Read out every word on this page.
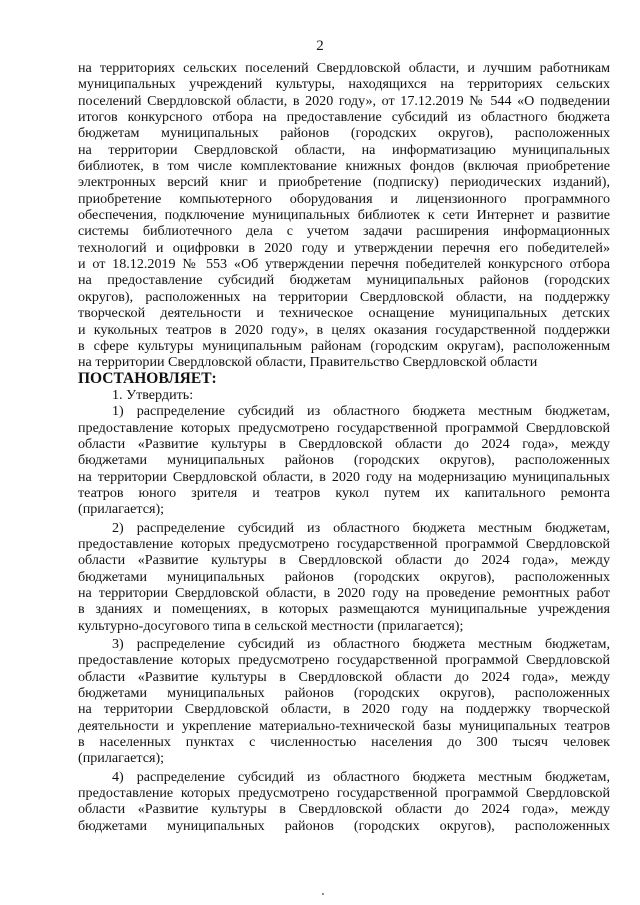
2
на территориях сельских поселений Свердловской области, и лучшим работникам
муниципальных учреждений культуры, находящихся на территориях сельских
поселений Свердловской области, в 2020 году», от 17.12.2019 № 544 «О подведении
итогов конкурсного отбора на предоставление субсидий из областного бюджета
бюджетам муниципальных районов (городских округов), расположенных
на территории Свердловской области, на информатизацию муниципальных
библиотек, в том числе комплектование книжных фондов (включая приобретение
электронных версий книг и приобретение (подписку) периодических изданий),
приобретение компьютерного оборудования и лицензионного программного
обеспечения, подключение муниципальных библиотек к сети Интернет и развитие
системы библиотечного дела с учетом задачи расширения информационных
технологий и оцифровки в 2020 году и утверждении перечня его победителей»
и от 18.12.2019 № 553 «Об утверждении перечня победителей конкурсного отбора
на предоставление субсидий бюджетам муниципальных районов (городских
округов), расположенных на территории Свердловской области, на поддержку
творческой деятельности и техническое оснащение муниципальных детских
и кукольных театров в 2020 году», в целях оказания государственной поддержки
в сфере культуры муниципальным районам (городским округам), расположенным
на территории Свердловской области, Правительство Свердловской области
ПОСТАНОВЛЯЕТ:
1. Утвердить:
1) распределение субсидий из областного бюджета местным бюджетам,
предоставление которых предусмотрено государственной программой Свердловской
области «Развитие культуры в Свердловской области до 2024 года», между
бюджетами муниципальных районов (городских округов), расположенных
на территории Свердловской области, в 2020 году на модернизацию муниципальных
театров юного зрителя и театров кукол путем их капитального ремонта
(прилагается);
2) распределение субсидий из областного бюджета местным бюджетам,
предоставление которых предусмотрено государственной программой Свердловской
области «Развитие культуры в Свердловской области до 2024 года», между
бюджетами муниципальных районов (городских округов), расположенных
на территории Свердловской области, в 2020 году на проведение ремонтных работ
в зданиях и помещениях, в которых размещаются муниципальные учреждения
культурно-досугового типа в сельской местности (прилагается);
3) распределение субсидий из областного бюджета местным бюджетам,
предоставление которых предусмотрено государственной программой Свердловской
области «Развитие культуры в Свердловской области до 2024 года», между
бюджетами муниципальных районов (городских округов), расположенных
на территории Свердловской области, в 2020 году на поддержку творческой
деятельности и укрепление материально-технической базы муниципальных театров
в населенных пунктах с численностью населения до 300 тысяч человек
(прилагается);
4) распределение субсидий из областного бюджета местным бюджетам,
предоставление которых предусмотрено государственной программой Свердловской
области «Развитие культуры в Свердловской области до 2024 года», между
бюджетами муниципальных районов (городских округов), расположенных
